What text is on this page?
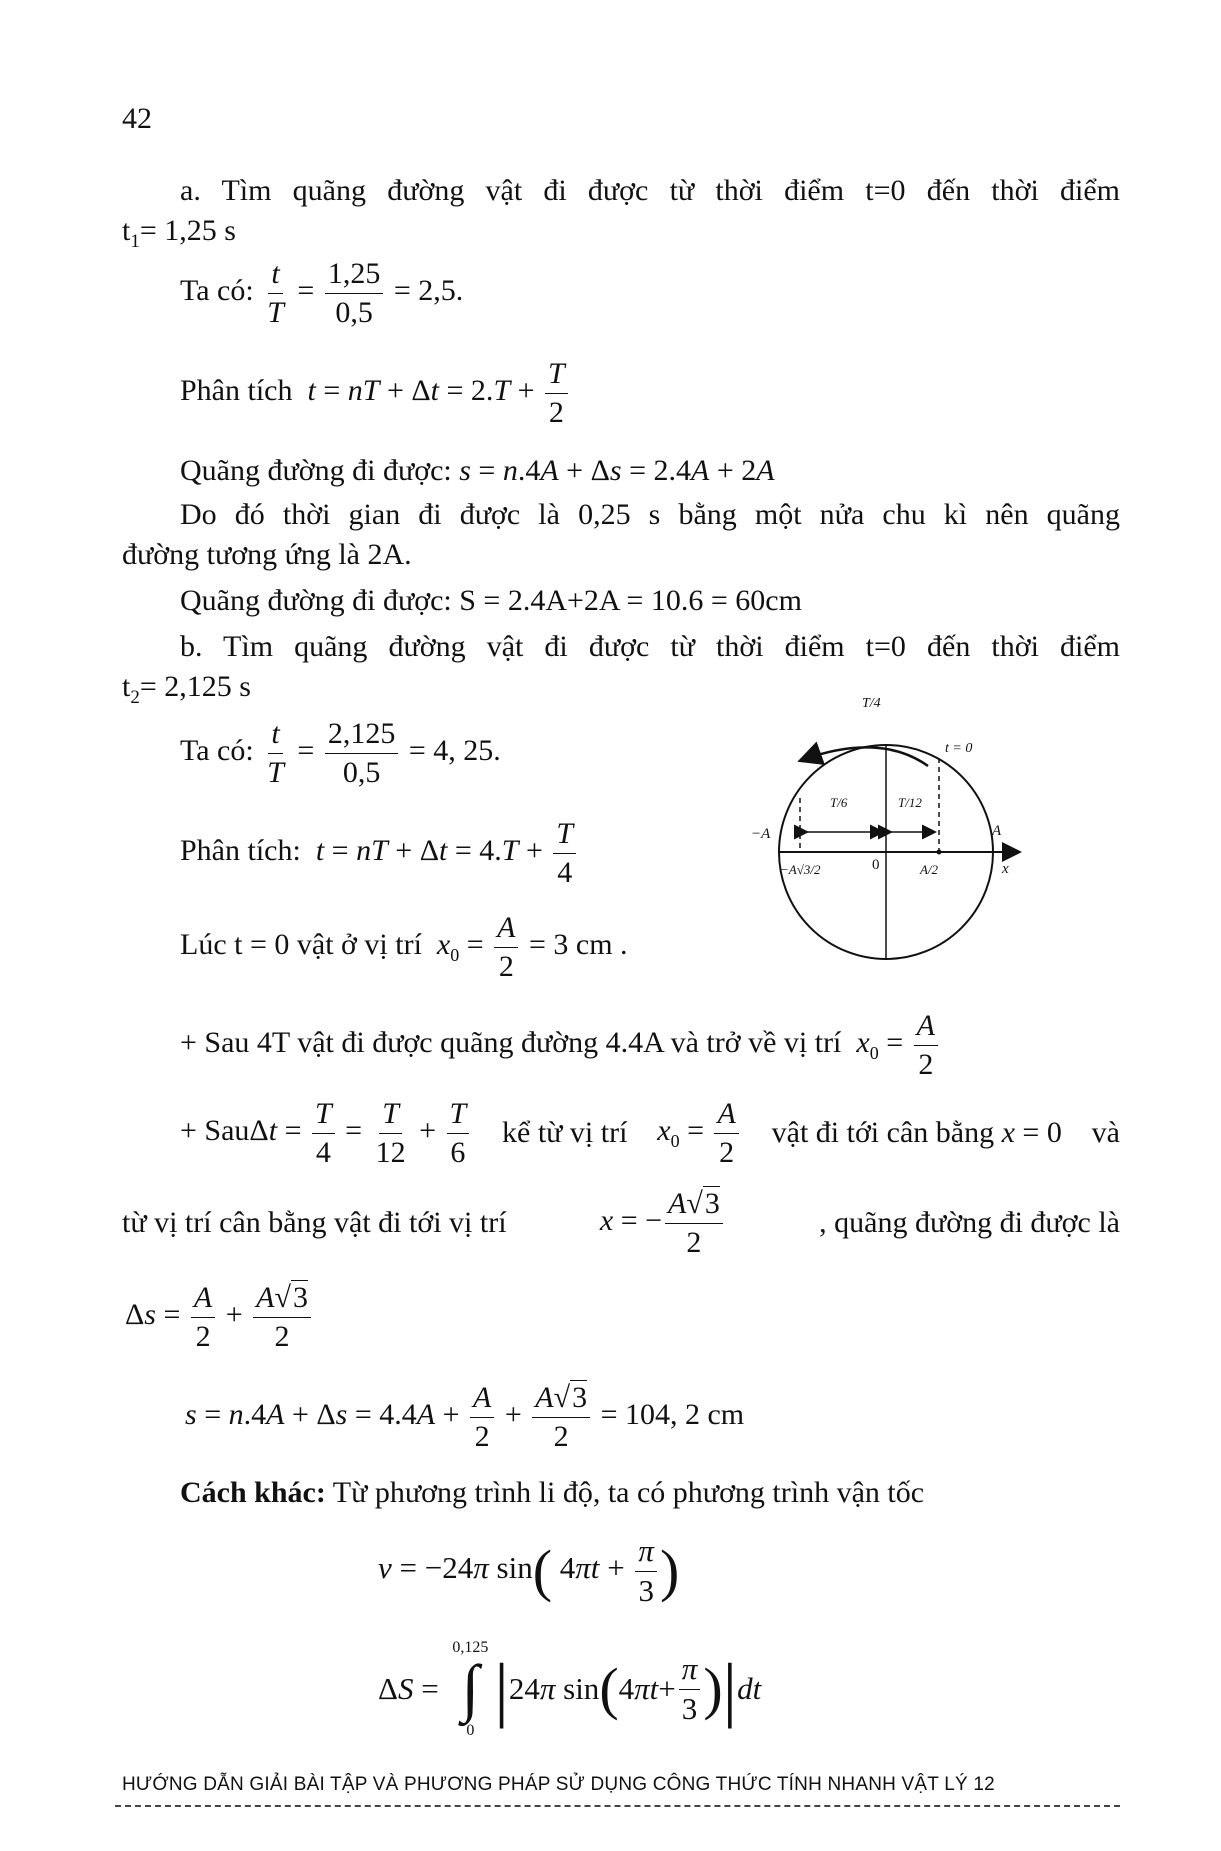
42
a. Tìm quãng đường vật đi được từ thời điểm t=0 đến thời điểm
$t_1= 1,25$ s
Ta có: $\frac{t}{T} = \frac{1,25}{0,5} = 2,5$.
Phân tích  t = nT + $\Delta t = 2.T + \frac{T}{2}$
Quãng đường đi được: s = n.4A + Δs = 2.4A + 2A
Do đó thời gian đi được là 0,25 s bằng một nửa chu kì nên quãng
đường tương ứng là 2A.
Quãng đường đi được: S = 2.4A+2A = 10.6 = 60cm
b. Tìm quãng đường vật đi được từ thời điểm t=0 đến thời điểm
$t_2= 2,125$ s
Ta có: $\frac{t}{T} = \frac{2,125}{0,5} = 4$, 25.
Phân tích:  t = nT + $\Delta t = 4.T + \frac{T}{4}$
Lúc t = 0 vật ở vị trí  $x_0 = \frac{A}{2} = 3$ cm .
+ Sau 4T vật đi được quãng đường 4.4A và trở về vị trí  $x_0 = \frac{A}{2}$
+ $Sau\Delta t = \frac{T}{4} = \frac{T}{12} + \frac{T}{6}$ kể từ vị trí $x_0 = \frac{A}{2}$ vật đi tới cân bằng x = 0 và
từ vị trí cân bằng vật đi tới vị trí	x = − $\frac{A√3}{2}$	, quãng đường đi được là
$\Delta s = \frac{A}{2} + \frac{A√3}{2}$
$s = n.4A + \Delta s = 4.4A + \frac{A}{2} + \frac{A√3}{2} = 104$, 2 cm
Cách khác: Từ phương trình li độ, ta có phương trình vận tốc
v = −24π sin( $4\pi t + \frac{\pi}{3}$ )
ΔS =
0,125
∫
0
| 24 π sin ( 4 $\pi t + \frac{\pi}{3}$ ) | dt
T/4
t = 0
T/6	T/12
−A	A
0	x
−A√3/2	A/2
HƯỚNG DẪN GIẢI BÀI TẬP VÀ PHƯƠNG PHÁP SỬ DỤNG CÔNG THỨC TÍNH NHANH VẬT LÝ 12
